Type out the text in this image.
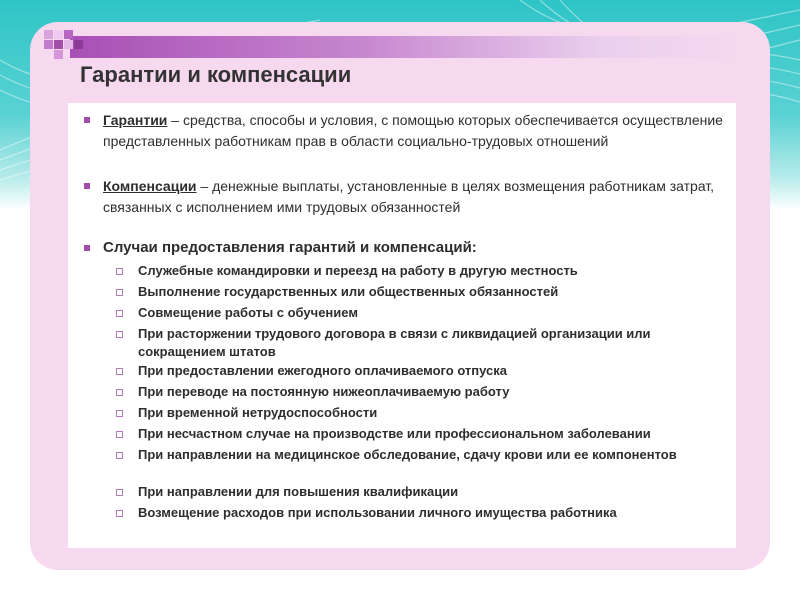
Гарантии и компенсации
Гарантии – средства, способы и условия, с помощью которых обеспечивается осуществление представленных работникам прав в области социально-трудовых отношений
Компенсации – денежные выплаты, установленные в целях возмещения работникам затрат, связанных с исполнением ими трудовых обязанностей
Случаи предоставления гарантий и компенсаций:
Служебные командировки и переезд на работу в другую местность
Выполнение государственных или общественных обязанностей
Совмещение работы с обучением
При расторжении трудового договора в связи с ликвидацией организации или сокращением штатов
При предоставлении ежегодного оплачиваемого отпуска
При переводе на постоянную нижеоплачиваемую работу
При временной нетрудоспособности
При несчастном случае на производстве или профессиональном заболевании
При направлении на медицинское обследование, сдачу крови или ее компонентов
При направлении для повышения квалификации
Возмещение расходов при использовании личного имущества работника
